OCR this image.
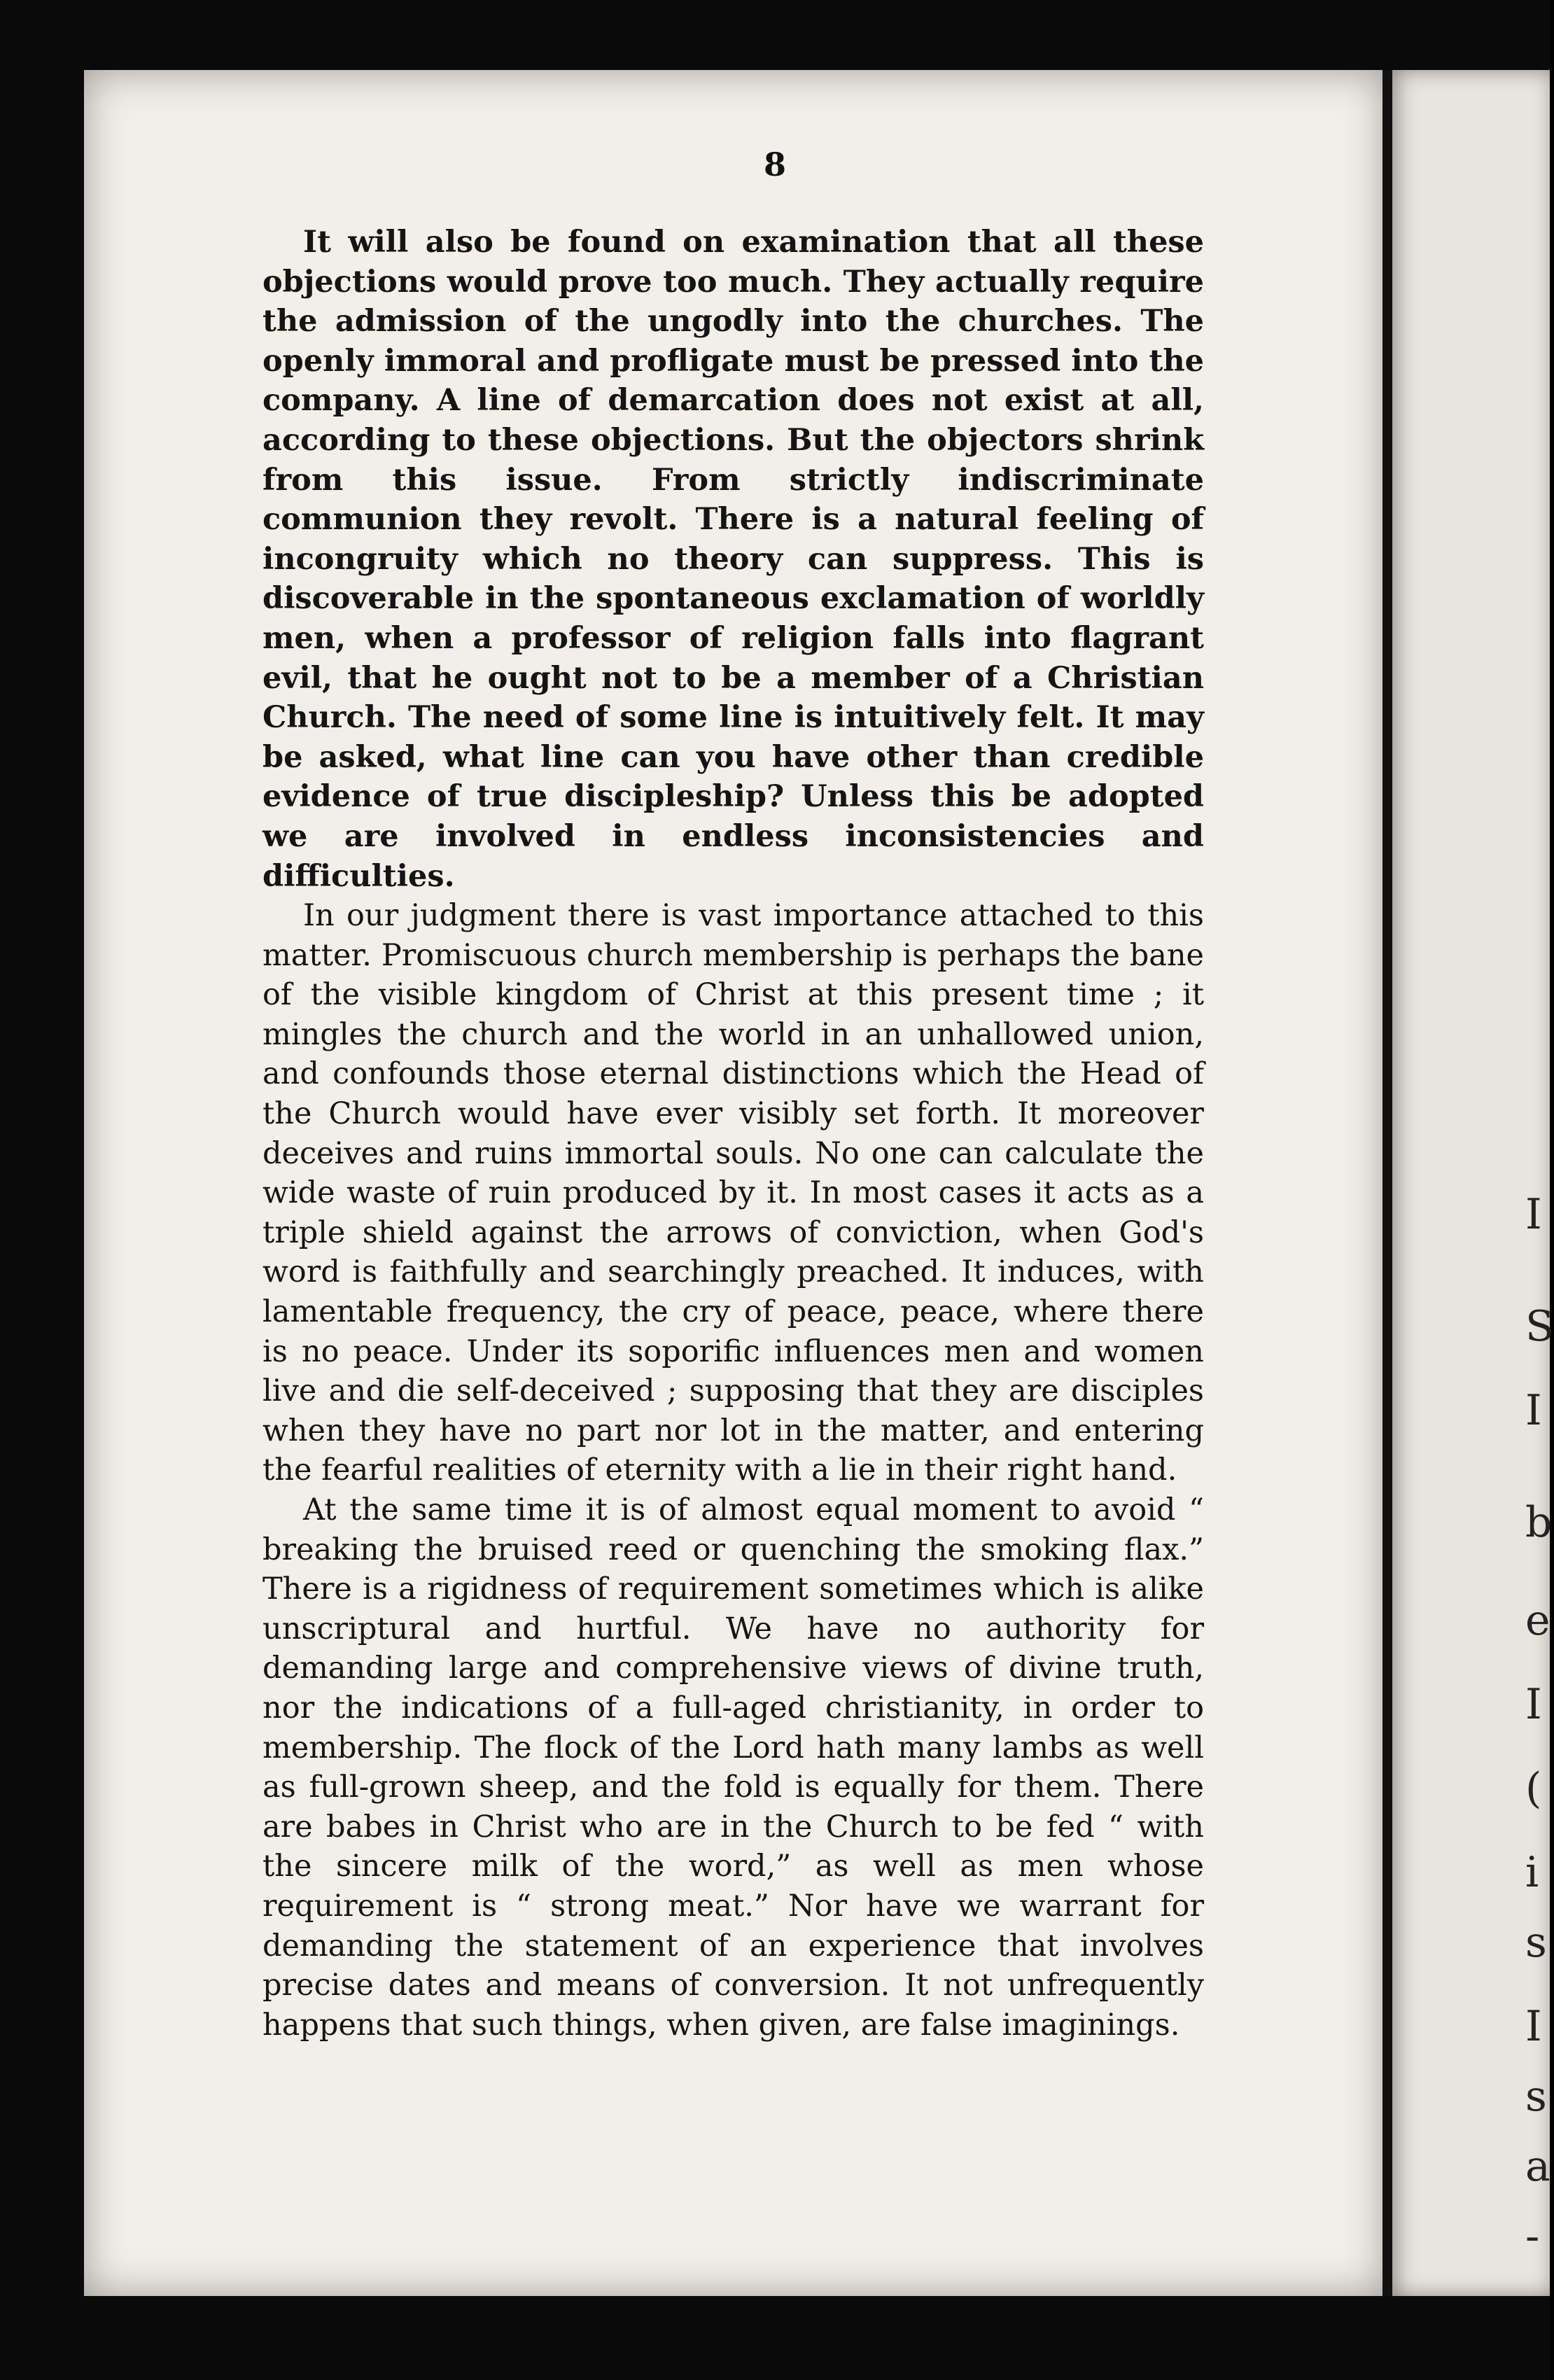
I
S
I
b
e
I
(
i
s
I
s
a
-
8

It will also be found on examination that all these objections would prove too much. They actually require the admission of the ungodly into the churches. The openly immoral and profligate must be pressed into the company. A line of demarcation does not exist at all, according to these objections. But the objectors shrink from this issue. From strictly indiscriminate communion they revolt. There is a natural feeling of incongruity which no theory can suppress. This is discoverable in the spontaneous exclamation of worldly men, when a professor of religion falls into flagrant evil, that he ought not to be a member of a Christian Church. The need of some line is intuitively felt. It may be asked, what line can you have other than credible evidence of true discipleship? Unless this be adopted we are involved in endless inconsistencies and difficulties.

In our judgment there is vast importance attached to this matter. Promiscuous church membership is perhaps the bane of the visible kingdom of Christ at this present time ; it mingles the church and the world in an unhallowed union, and confounds those eternal distinctions which the Head of the Church would have ever visibly set forth. It moreover deceives and ruins immortal souls. No one can calculate the wide waste of ruin produced by it. In most cases it acts as a triple shield against the arrows of conviction, when God's word is faithfully and searchingly preached. It induces, with lamentable frequency, the cry of peace, peace, where there is no peace. Under its soporific influences men and women live and die self-deceived ; supposing that they are disciples when they have no part nor lot in the matter, and entering the fearful realities of eternity with a lie in their right hand.

At the same time it is of almost equal moment to avoid “ breaking the bruised reed or quenching the smoking flax.” There is a rigidness of requirement sometimes which is alike unscriptural and hurtful. We have no authority for demanding large and comprehensive views of divine truth, nor the indications of a full-aged christianity, in order to membership. The flock of the Lord hath many lambs as well as full-grown sheep, and the fold is equally for them. There are babes in Christ who are in the Church to be fed “ with the sincere milk of the word,” as well as men whose requirement is “ strong meat.” Nor have we warrant for demanding the statement of an experience that involves precise dates and means of conversion. It not unfrequently happens that such things, when given, are false imaginings.
